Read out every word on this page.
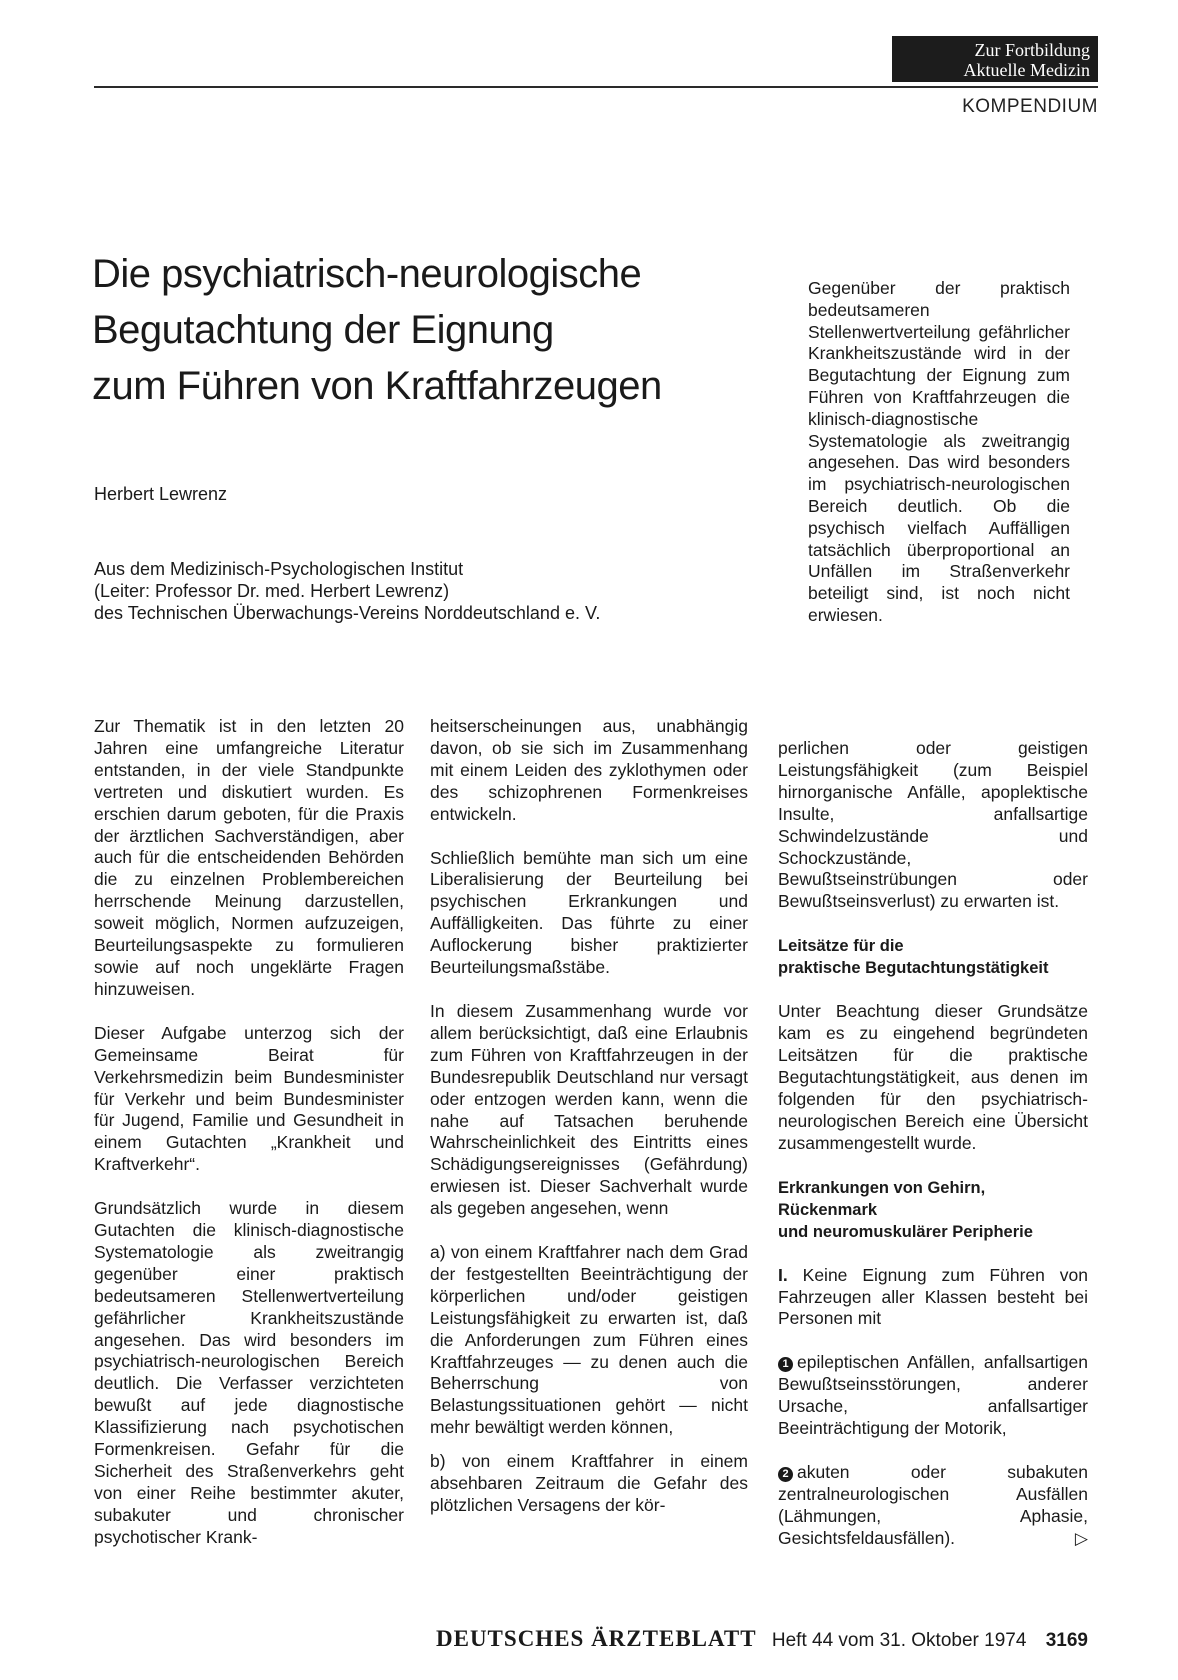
Zur Fortbildung
Aktuelle Medizin
KOMPENDIUM
Die psychiatrisch-neurologische
Begutachtung der Eignung
zum Führen von Kraftfahrzeugen
Herbert Lewrenz
Aus dem Medizinisch-Psychologischen Institut
(Leiter: Professor Dr. med. Herbert Lewrenz)
des Technischen Überwachungs-Vereins Norddeutschland e. V.
Gegenüber der praktisch bedeutsameren Stellenwertverteilung gefährlicher Krankheitszustände wird in der Begutachtung der Eignung zum Führen von Kraftfahrzeugen die klinisch-diagnostische Systematologie als zweitrangig angesehen. Das wird besonders im psychiatrisch-neurologischen Bereich deutlich. Ob die psychisch vielfach Auffälligen tatsächlich überproportional an Unfällen im Straßenverkehr beteiligt sind, ist noch nicht erwiesen.

Zur Thematik ist in den letzten 20 Jahren eine umfangreiche Literatur entstanden, in der viele Standpunkte vertreten und diskutiert wurden. Es erschien darum geboten, für die Praxis der ärztlichen Sachverständigen, aber auch für die entscheidenden Behörden die zu einzelnen Problembereichen herrschende Meinung darzustellen, soweit möglich, Normen aufzuzeigen, Beurteilungsaspekte zu formulieren sowie auf noch ungeklärte Fragen hinzuweisen.

Dieser Aufgabe unterzog sich der Gemeinsame Beirat für Verkehrsmedizin beim Bundesminister für Verkehr und beim Bundesminister für Jugend, Familie und Gesundheit in einem Gutachten „Krankheit und Kraftverkehr“.

Grundsätzlich wurde in diesem Gutachten die klinisch-diagnostische Systematologie als zweitrangig gegenüber einer praktisch bedeutsameren Stellenwertverteilung gefährlicher Krankheitszustände angesehen. Das wird besonders im psychiatrisch-neurologischen Bereich deutlich. Die Verfasser verzichteten bewußt auf jede diagnostische Klassifizierung nach psychotischen Formenkreisen. Gefahr für die Sicherheit des Straßenverkehrs geht von einer Reihe bestimmter akuter, subakuter und chronischer psychotischer Krank-

heitserscheinungen aus, unabhängig davon, ob sie sich im Zusammenhang mit einem Leiden des zyklothymen oder des schizophrenen Formenkreises entwickeln.

Schließlich bemühte man sich um eine Liberalisierung der Beurteilung bei psychischen Erkrankungen und Auffälligkeiten. Das führte zu einer Auflockerung bisher praktizierter Beurteilungsmaßstäbe.

In diesem Zusammenhang wurde vor allem berücksichtigt, daß eine Erlaubnis zum Führen von Kraftfahrzeugen in der Bundesrepublik Deutschland nur versagt oder entzogen werden kann, wenn die nahe auf Tatsachen beruhende Wahrscheinlichkeit des Eintritts eines Schädigungsereignisses (Gefährdung) erwiesen ist. Dieser Sachverhalt wurde als gegeben angesehen, wenn

a) von einem Kraftfahrer nach dem Grad der festgestellten Beeinträchtigung der körperlichen und/oder geistigen Leistungsfähigkeit zu erwarten ist, daß die Anforderungen zum Führen eines Kraftfahrzeuges — zu denen auch die Beherrschung von Belastungssituationen gehört — nicht mehr bewältigt werden können,

b) von einem Kraftfahrer in einem absehbaren Zeitraum die Gefahr des plötzlichen Versagens der kör-

perlichen oder geistigen Leistungsfähigkeit (zum Beispiel hirnorganische Anfälle, apoplektische Insulte, anfallsartige Schwindelzustände und Schockzustände, Bewußtseinstrübungen oder Bewußtseinsverlust) zu erwarten ist.

Leitsätze für die
praktische Begutachtungstätigkeit

Unter Beachtung dieser Grundsätze kam es zu eingehend begründeten Leitsätzen für die praktische Begutachtungstätigkeit, aus denen im folgenden für den psychiatrisch-neurologischen Bereich eine Übersicht zusammengestellt wurde.

Erkrankungen von Gehirn,
Rückenmark
und neuromuskulärer Peripherie

I. Keine Eignung zum Führen von Fahrzeugen aller Klassen besteht bei Personen mit

1 epileptischen Anfällen, anfallsartigen Bewußtseinsstörungen, anderer Ursache, anfallsartiger Beeinträchtigung der Motorik,

2 akuten oder subakuten zentralneurologischen Ausfällen (Lähmungen, Aphasie, Gesichtsfeldausfällen).	▷

DEUTSCHES ÄRZTEBLATT Heft 44 vom 31. Oktober 1974 3169
